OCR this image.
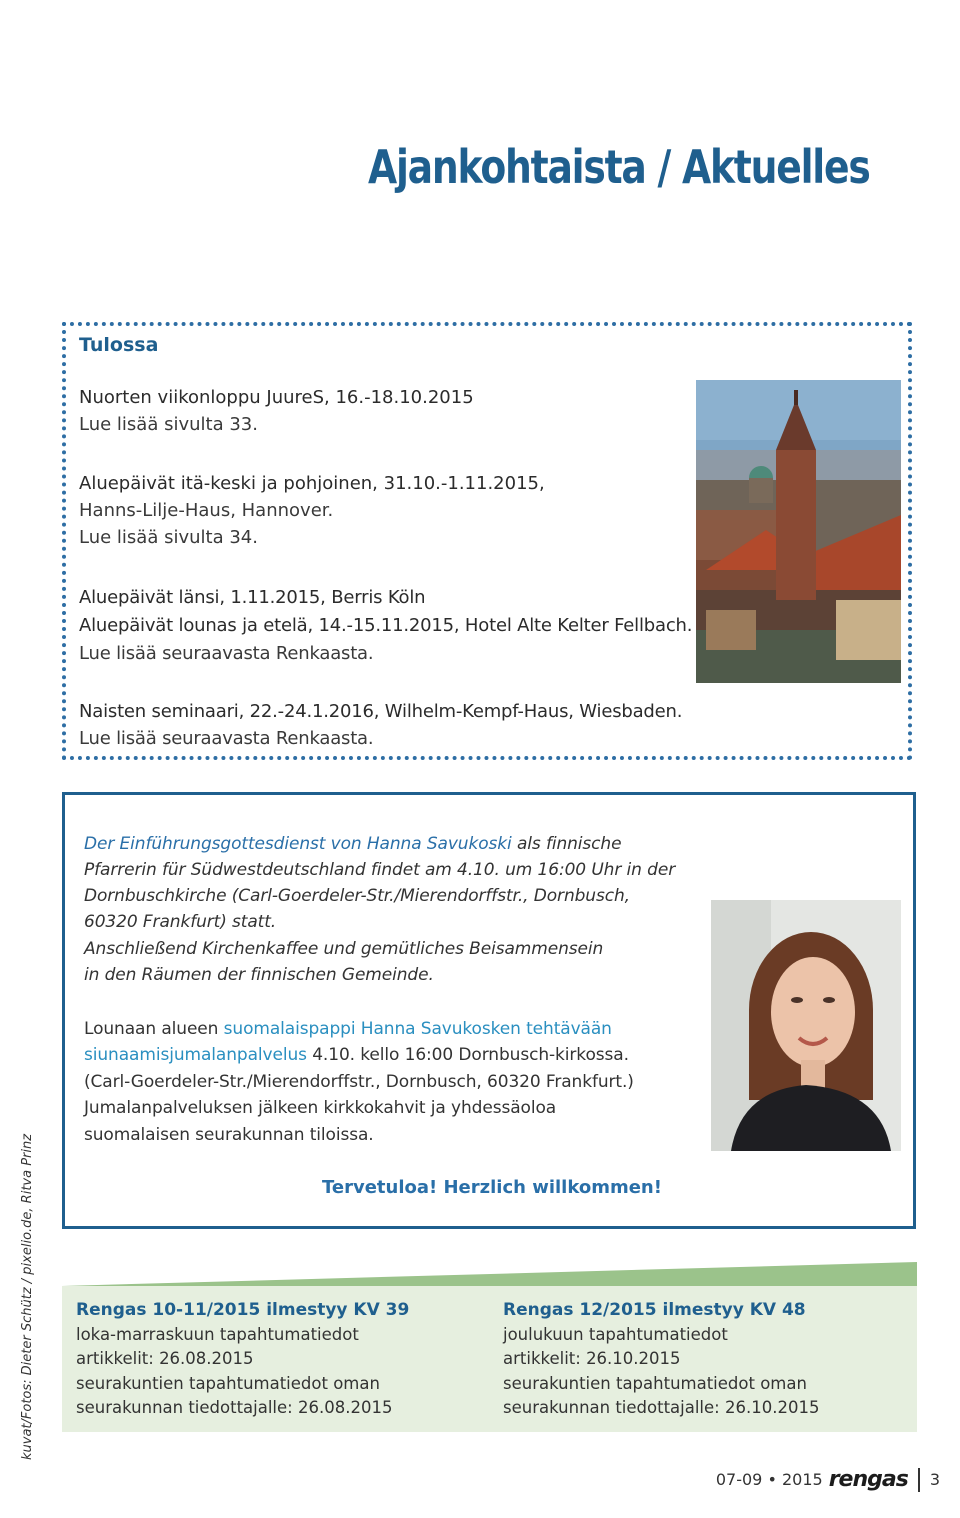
Ajankohtaista / Aktuelles
Tulossa
Nuorten viikonloppu JuureS, 16.-18.10.2015
Lue lisää sivulta 33.
Aluepäivät itä-keski ja pohjoinen, 31.10.-1.11.2015,
Hanns-Lilje-Haus, Hannover.
Lue lisää sivulta 34.
Aluepäivät länsi, 1.11.2015, Berris Köln
Aluepäivät lounas ja etelä, 14.-15.11.2015, Hotel Alte Kelter Fellbach.
Lue lisää seuraavasta Renkaasta.
Naisten seminaari, 22.-24.1.2016, Wilhelm-Kempf-Haus, Wiesbaden.
Lue lisää seuraavasta Renkaasta.
Der Einführungsgottesdienst von Hanna Savukoski als finnische
Pfarrerin für Südwestdeutschland findet am 4.10. um 16:00 Uhr in der
Dornbuschkirche (Carl-Goerdeler-Str./Mierendorffstr., Dornbusch,
60320 Frankfurt) statt.
Anschließend Kirchenkaffee und gemütliches Beisammensein
in den Räumen der finnischen Gemeinde.
Lounaan alueen suomalaispappi Hanna Savukosken tehtävään
siunaamisjumalanpalvelus 4.10. kello 16:00 Dornbusch-kirkossa.
(Carl-Goerdeler-Str./Mierendorffstr., Dornbusch, 60320 Frankfurt.)
Jumalanpalveluksen jälkeen kirkkokahvit ja yhdessäoloa
suomalaisen seurakunnan tiloissa.
Tervetuloa! Herzlich willkommen!
kuvat/Fotos: Dieter Schütz / pixelio.de, Ritva Prinz Rengas 10-11/2015 ilmestyy KV 39
loka-marraskuun tapahtumatiedot
artikkelit: 26.08.2015
seurakuntien tapahtumatiedot oman
seurakunnan tiedottajalle: 26.08.2015
Rengas 12/2015 ilmestyy KV 48
joulukuun tapahtumatiedot
artikkelit: 26.10.2015
seurakuntien tapahtumatiedot oman
seurakunnan tiedottajalle: 26.10.2015
07-09 • 2015 rengas 3
